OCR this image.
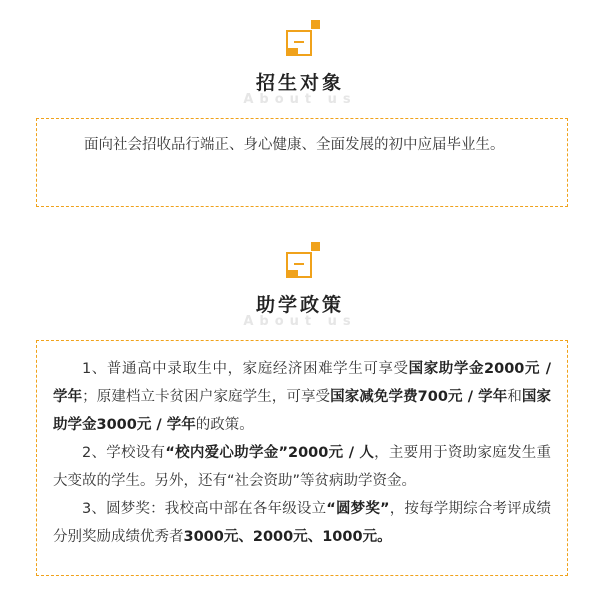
招生对象
About us

面向社会招收品行端正、身心健康、全面发展的初中应届毕业生。

助学政策
About us

1、普通高中录取生中，家庭经济困难学生可享受国家助学金2000元 / 学年；原建档立卡贫困户家庭学生，可享受国家减免学费700元 / 学年和国家助学金3000元 / 学年的政策。

2、学校设有“校内爱心助学金”2000元 / 人，主要用于资助家庭发生重大变故的学生。另外，还有“社会资助”等贫病助学资金。

3、圆梦奖：我校高中部在各年级设立“圆梦奖”，按每学期综合考评成绩分别奖励成绩优秀者3000元、2000元、1000元。
